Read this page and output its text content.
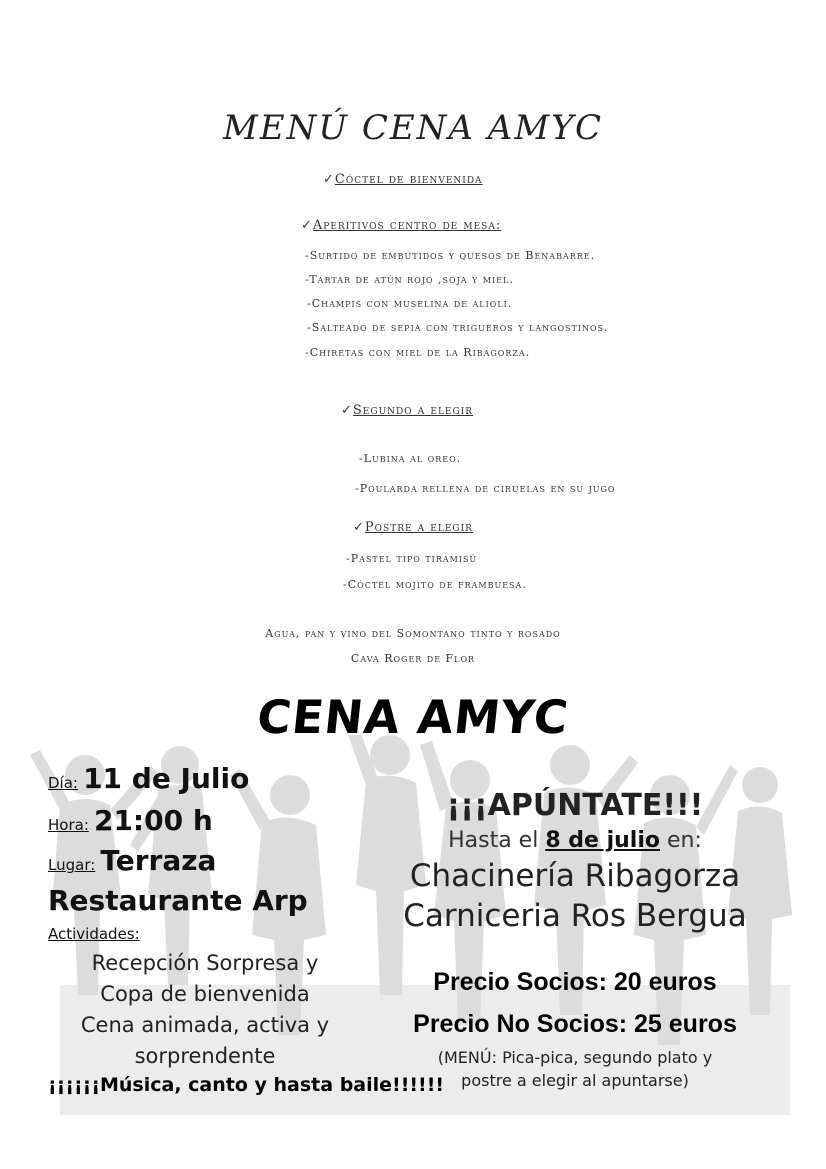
MENÚ CENA AMYC
✓Cóctel de bienvenida
✓Aperitivos centro de mesa:
-Surtido de embutidos y quesos de Benabarre.
-Tartar de atún rojo ,soja y miel.
-Champis con muselina de alioli.
-Salteado de sepia con trigueros y langostinos.
-Chiretas con miel de la Ribagorza.
✓Segundo a elegir
-Lubina al oreo.
-Poularda rellena de ciruelas en su jugo
✓Postre a elegir
-Pastel tipo tiramisú
-Cóctel mojito de frambuesa.
Agua, pan y vino del Somontano tinto y rosado
Cava Roger de Flor
CENA AMYC
Día: 11 de Julio
Hora: 21:00 h
Lugar: Terraza
Restaurante Arp
Actividades:
Recepción Sorpresa y
Copa de bienvenida
Cena animada, activa y
sorprendente
¡¡¡¡¡¡Música, canto y hasta baile!!!!!!
¡¡¡APÚNTATE!!!
Hasta el 8 de julio en:
Chacinería Ribagorza
Carniceria Ros Bergua
Precio Socios: 20 euros
Precio No Socios: 25 euros
(MENÚ: Pica-pica, segundo plato y
postre a elegir al apuntarse)
